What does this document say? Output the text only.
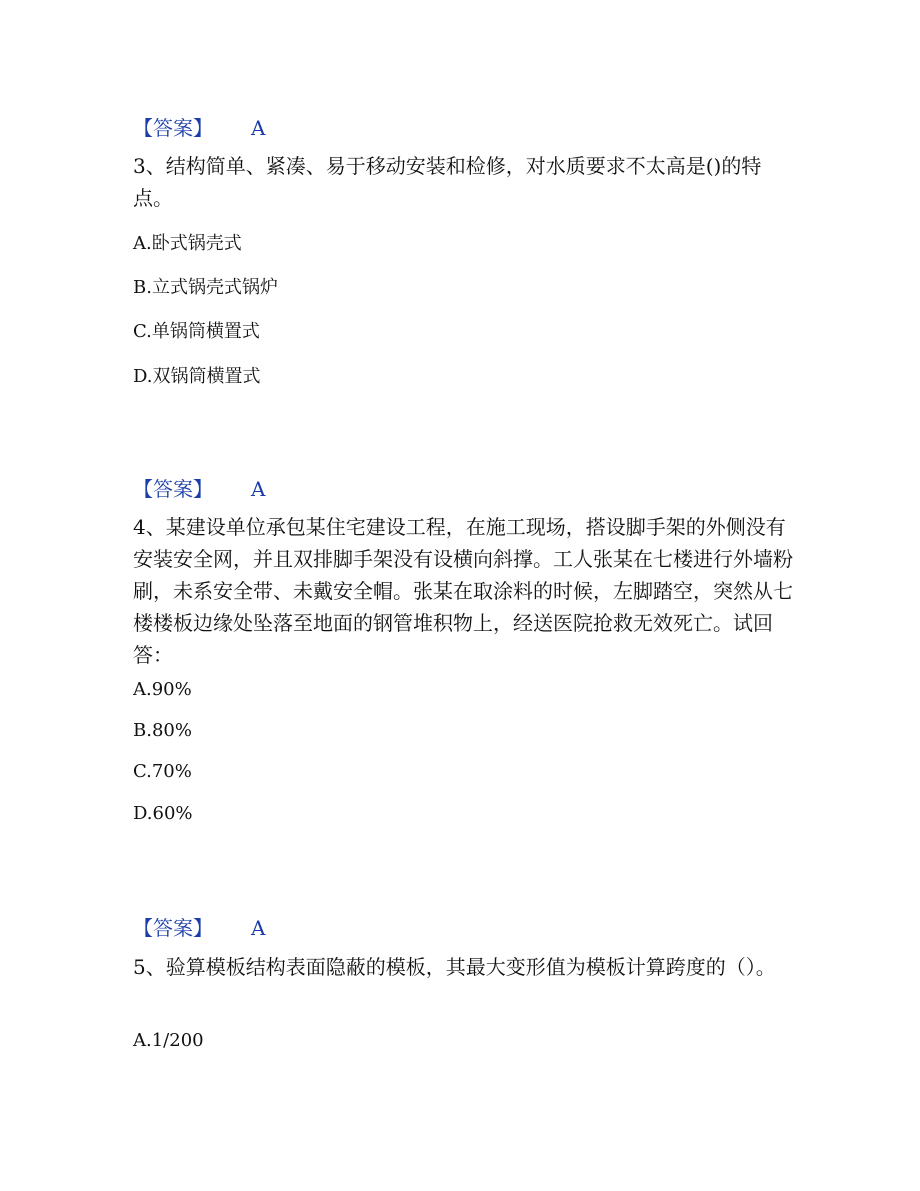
【答案】 A

3、结构简单、紧凑、易于移动安装和检修，对水质要求不太高是()的特点。

A.卧式锅壳式
B.立式锅壳式锅炉
C.单锅筒横置式
D.双锅筒横置式
【答案】 A

4、某建设单位承包某住宅建设工程，在施工现场，搭设脚手架的外侧没有安装安全网，并且双排脚手架没有设横向斜撑。工人张某在七楼进行外墙粉刷，未系安全带、未戴安全帽。张某在取涂料的时候，左脚踏空，突然从七楼楼板边缘处坠落至地面的钢管堆积物上，经送医院抢救无效死亡。试回答：

A.90%
B.80%
C.70%
D.60%
【答案】 A

5、验算模板结构表面隐蔽的模板，其最大变形值为模板计算跨度的（）。

A.1/200
